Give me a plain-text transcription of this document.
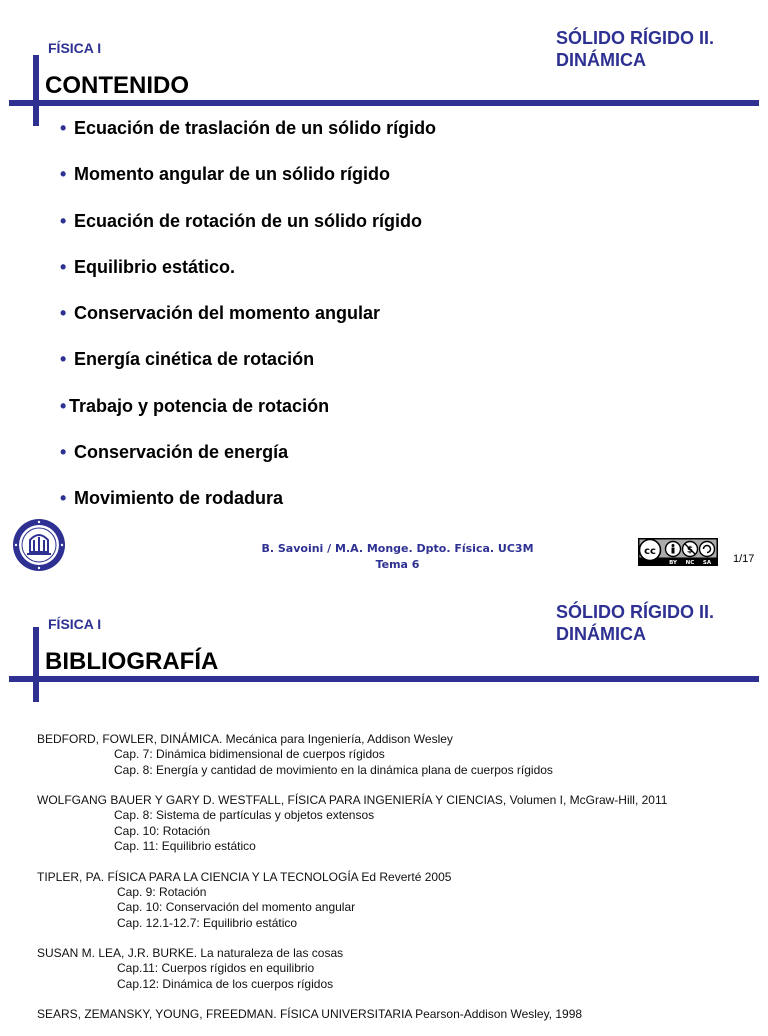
FÍSICA I	SÓLIDO RÍGIDO II.
DINÁMICA
CONTENIDO
• Ecuación de traslación de un sólido rígido
• Momento angular de un sólido rígido
• Ecuación de rotación de un sólido rígido
• Equilibrio estático.
• Conservación del momento angular
• Energía cinética de rotación
• Trabajo y potencia de rotación
• Conservación de energía
• Movimiento de rodadura
B. Savoini / M.A. Monge. Dpto. Física. UC3M
Tema 6
cc	$
BY NC SA 1/17
FÍSICA I
SÓLIDO RÍGIDO II.
DINÁMICA
BIBLIOGRAFÍA
BEDFORD, FOWLER, DINÁMICA. Mecánica para Ingeniería, Addison Wesley
Cap. 7: Dinámica bidimensional de cuerpos rígidos
Cap. 8: Energía y cantidad de movimiento en la dinámica plana de cuerpos rígidos
WOLFGANG BAUER Y GARY D. WESTFALL, FÍSICA PARA INGENIERÍA Y CIENCIAS, Volumen I, McGraw-Hill, 2011
Cap. 8: Sistema de partículas y objetos extensos
Cap. 10: Rotación
Cap. 11: Equilibrio estático
TIPLER, PA. FÍSICA PARA LA CIENCIA Y LA TECNOLOGÍA Ed Reverté 2005
Cap. 9: Rotación
Cap. 10: Conservación del momento angular
Cap. 12.1-12.7: Equilibrio estático
SUSAN M. LEA, J.R. BURKE. La naturaleza de las cosas
Cap.11: Cuerpos rígidos en equilibrio
Cap.12: Dinámica de los cuerpos rígidos
SEARS, ZEMANSKY, YOUNG, FREEDMAN. FÍSICA UNIVERSITARIA Pearson-Addison Wesley, 1998
